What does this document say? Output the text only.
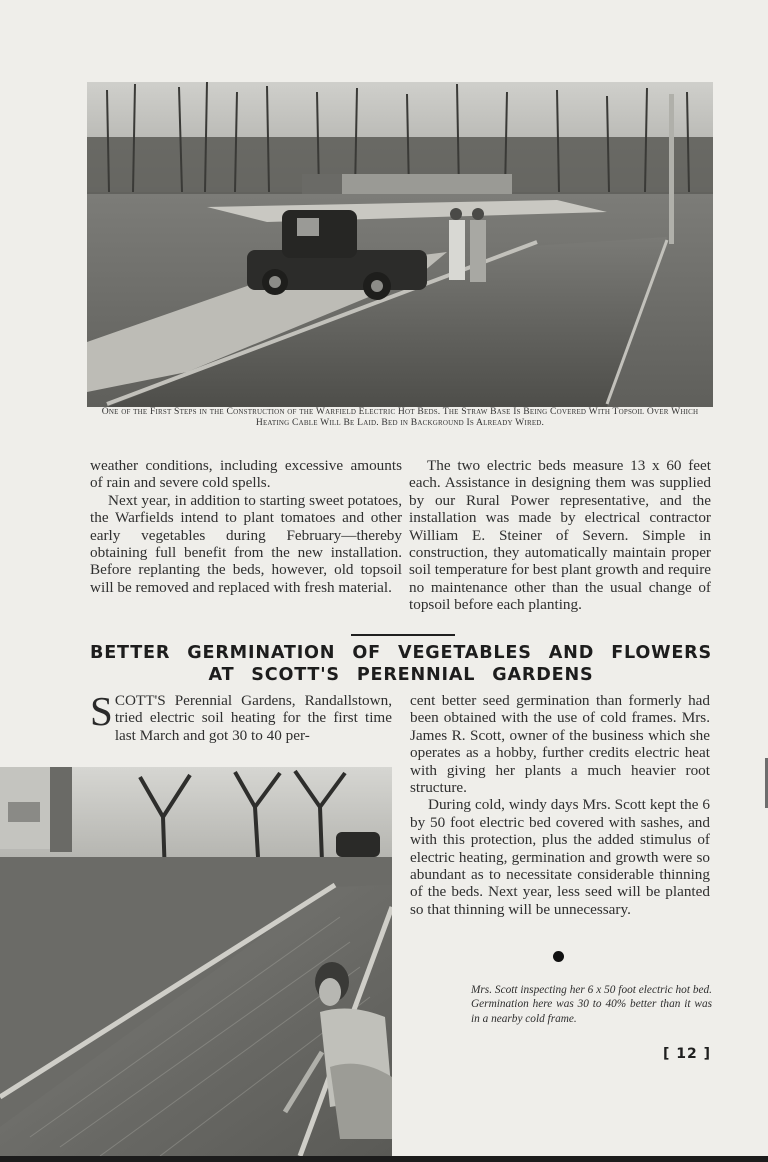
One of the First Steps in the Construction of the Warfield Electric Hot Beds. The Straw Base Is Being Covered With Topsoil Over Which Heating Cable Will Be Laid. Bed in Background Is Already Wired.

weather conditions, including excessive amounts of rain and severe cold spells.

Next year, in addition to starting sweet potatoes, the Warfields intend to plant tomatoes and other early vegetables during February—thereby obtaining full benefit from the new installation. Before replanting the beds, however, old topsoil will be removed and replaced with fresh material.

The two electric beds measure 13 x 60 feet each. Assistance in designing them was supplied by our Rural Power representative, and the installation was made by electrical contractor William E. Steiner of Severn. Simple in construction, they automatically maintain proper soil temperature for best plant growth and require no maintenance other than the usual change of topsoil before each planting.

BETTER GERMINATION OF VEGETABLES AND FLOWERS
AT SCOTT'S PERENNIAL GARDENS

SCOTT'S Perennial Gardens, Randallstown, tried electric soil heating for the first time last March and got 30 to 40 per-

cent better seed germination than formerly had been obtained with the use of cold frames. Mrs. James R. Scott, owner of the business which she operates as a hobby, further credits electric heat with giving her plants a much heavier root structure.

During cold, windy days Mrs. Scott kept the 6 by 50 foot electric bed covered with sashes, and with this protection, plus the added stimulus of electric heating, germination and growth were so abundant as to necessitate considerable thinning of the beds. Next year, less seed will be planted so that thinning will be unnecessary.

Mrs. Scott inspecting her 6 x 50 foot electric hot bed. Germination here was 30 to 40% better than it was in a nearby cold frame.
[ 12 ]
